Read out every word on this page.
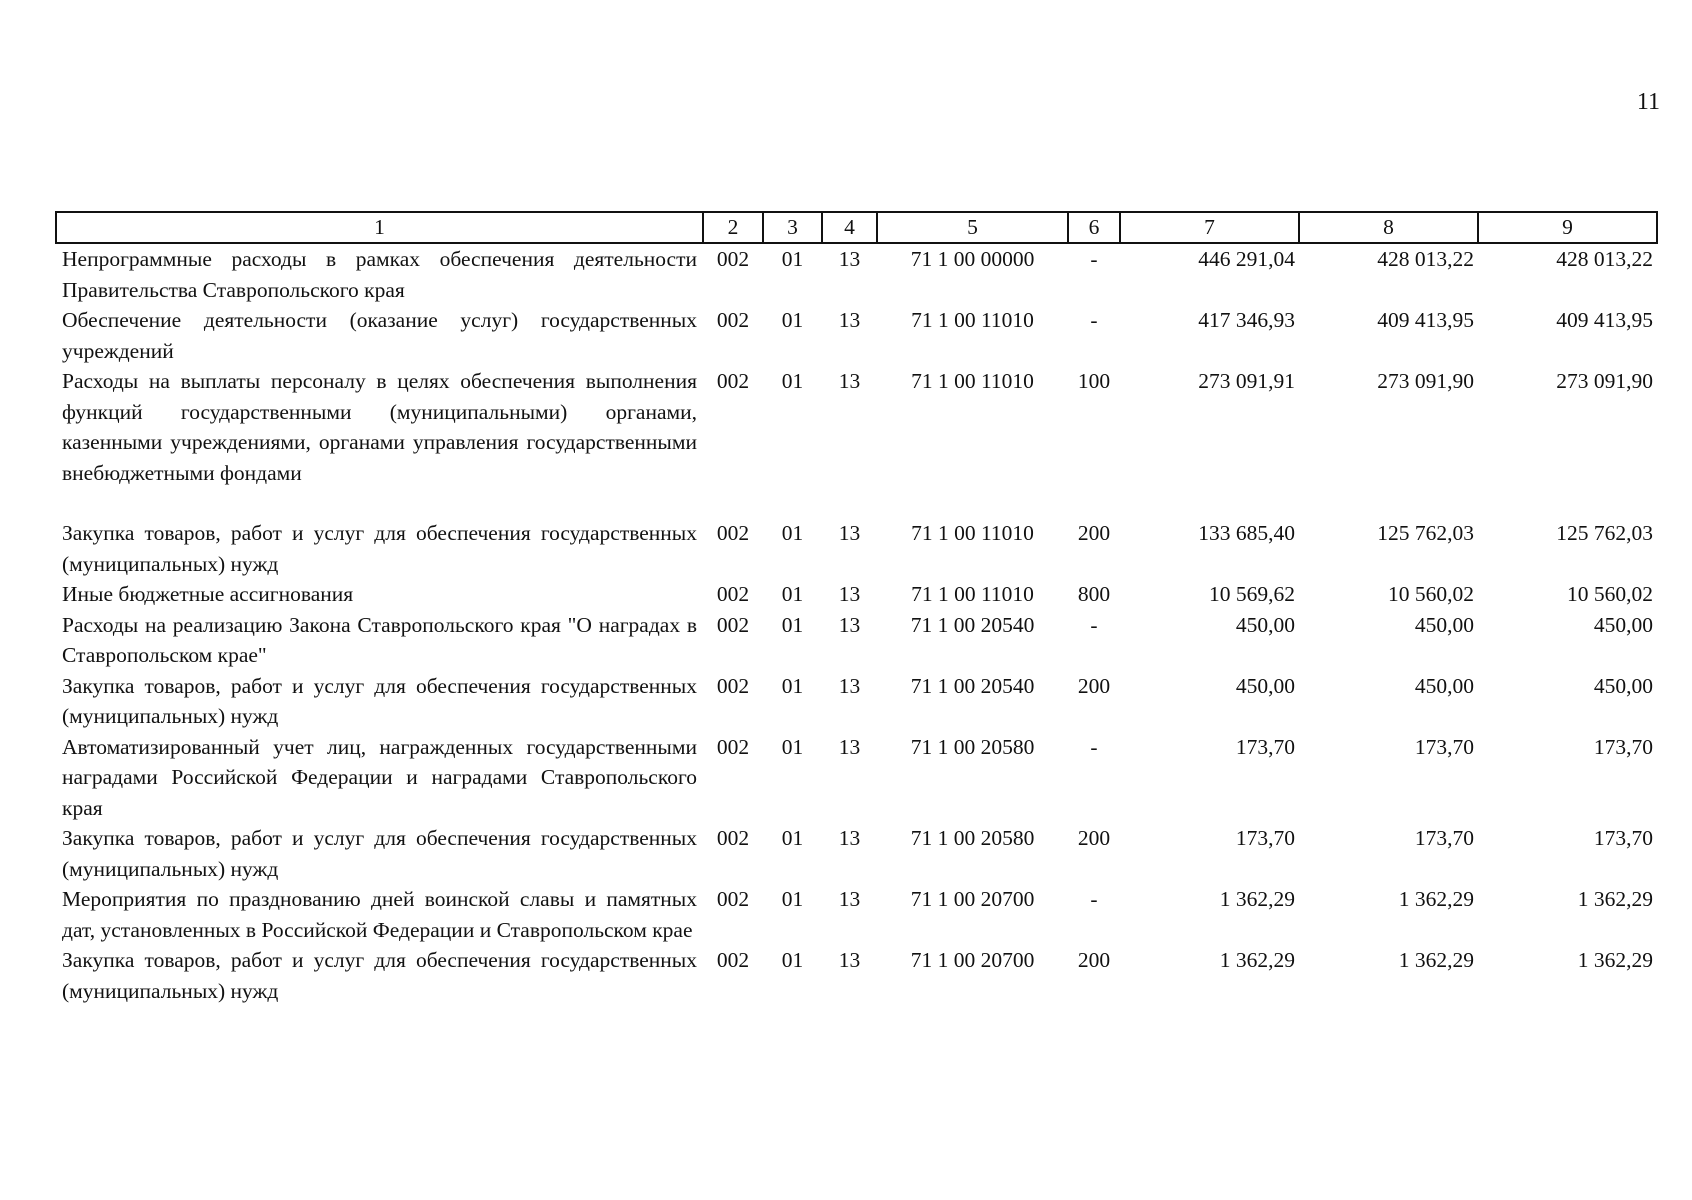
11
1	2	3	4	5	6	7	8	9
Непрограммные расходы в рамках обеспечения деятельности Правительства Ставропольского края	002	01	13	71 1 00 00000	-	446 291,04	428 013,22	428 013,22
Обеспечение деятельности (оказание услуг) государственных учреждений	002	01	13	71 1 00 11010	-	417 346,93	409 413,95	409 413,95
Расходы на выплаты персоналу в целях обеспечения выполнения функций государственными (муниципальными) органами, казенными учреждениями, органами управления государственными внебюджетными фондами	002	01	13	71 1 00 11010	100	273 091,91	273 091,90	273 091,90
Закупка товаров, работ и услуг для обеспечения государственных (муниципальных) нужд	002	01	13	71 1 00 11010	200	133 685,40	125 762,03	125 762,03
Иные бюджетные ассигнования	002	01	13	71 1 00 11010	800	10 569,62	10 560,02	10 560,02
Расходы на реализацию Закона Ставропольского края "О наградах в Ставропольском крае"	002	01	13	71 1 00 20540	-	450,00	450,00	450,00
Закупка товаров, работ и услуг для обеспечения государственных (муниципальных) нужд	002	01	13	71 1 00 20540	200	450,00	450,00	450,00
Автоматизированный учет лиц, награжденных государственными наградами Российской Федерации и наградами Ставропольского края	002	01	13	71 1 00 20580	-	173,70	173,70	173,70
Закупка товаров, работ и услуг для обеспечения государственных (муниципальных) нужд	002	01	13	71 1 00 20580	200	173,70	173,70	173,70
Мероприятия по празднованию дней воинской славы и памятных дат, установленных в Российской Федерации и Ставропольском крае	002	01	13	71 1 00 20700	-	1 362,29	1 362,29	1 362,29
Закупка товаров, работ и услуг для обеспечения государственных (муниципальных) нужд	002	01	13	71 1 00 20700	200	1 362,29	1 362,29	1 362,29
